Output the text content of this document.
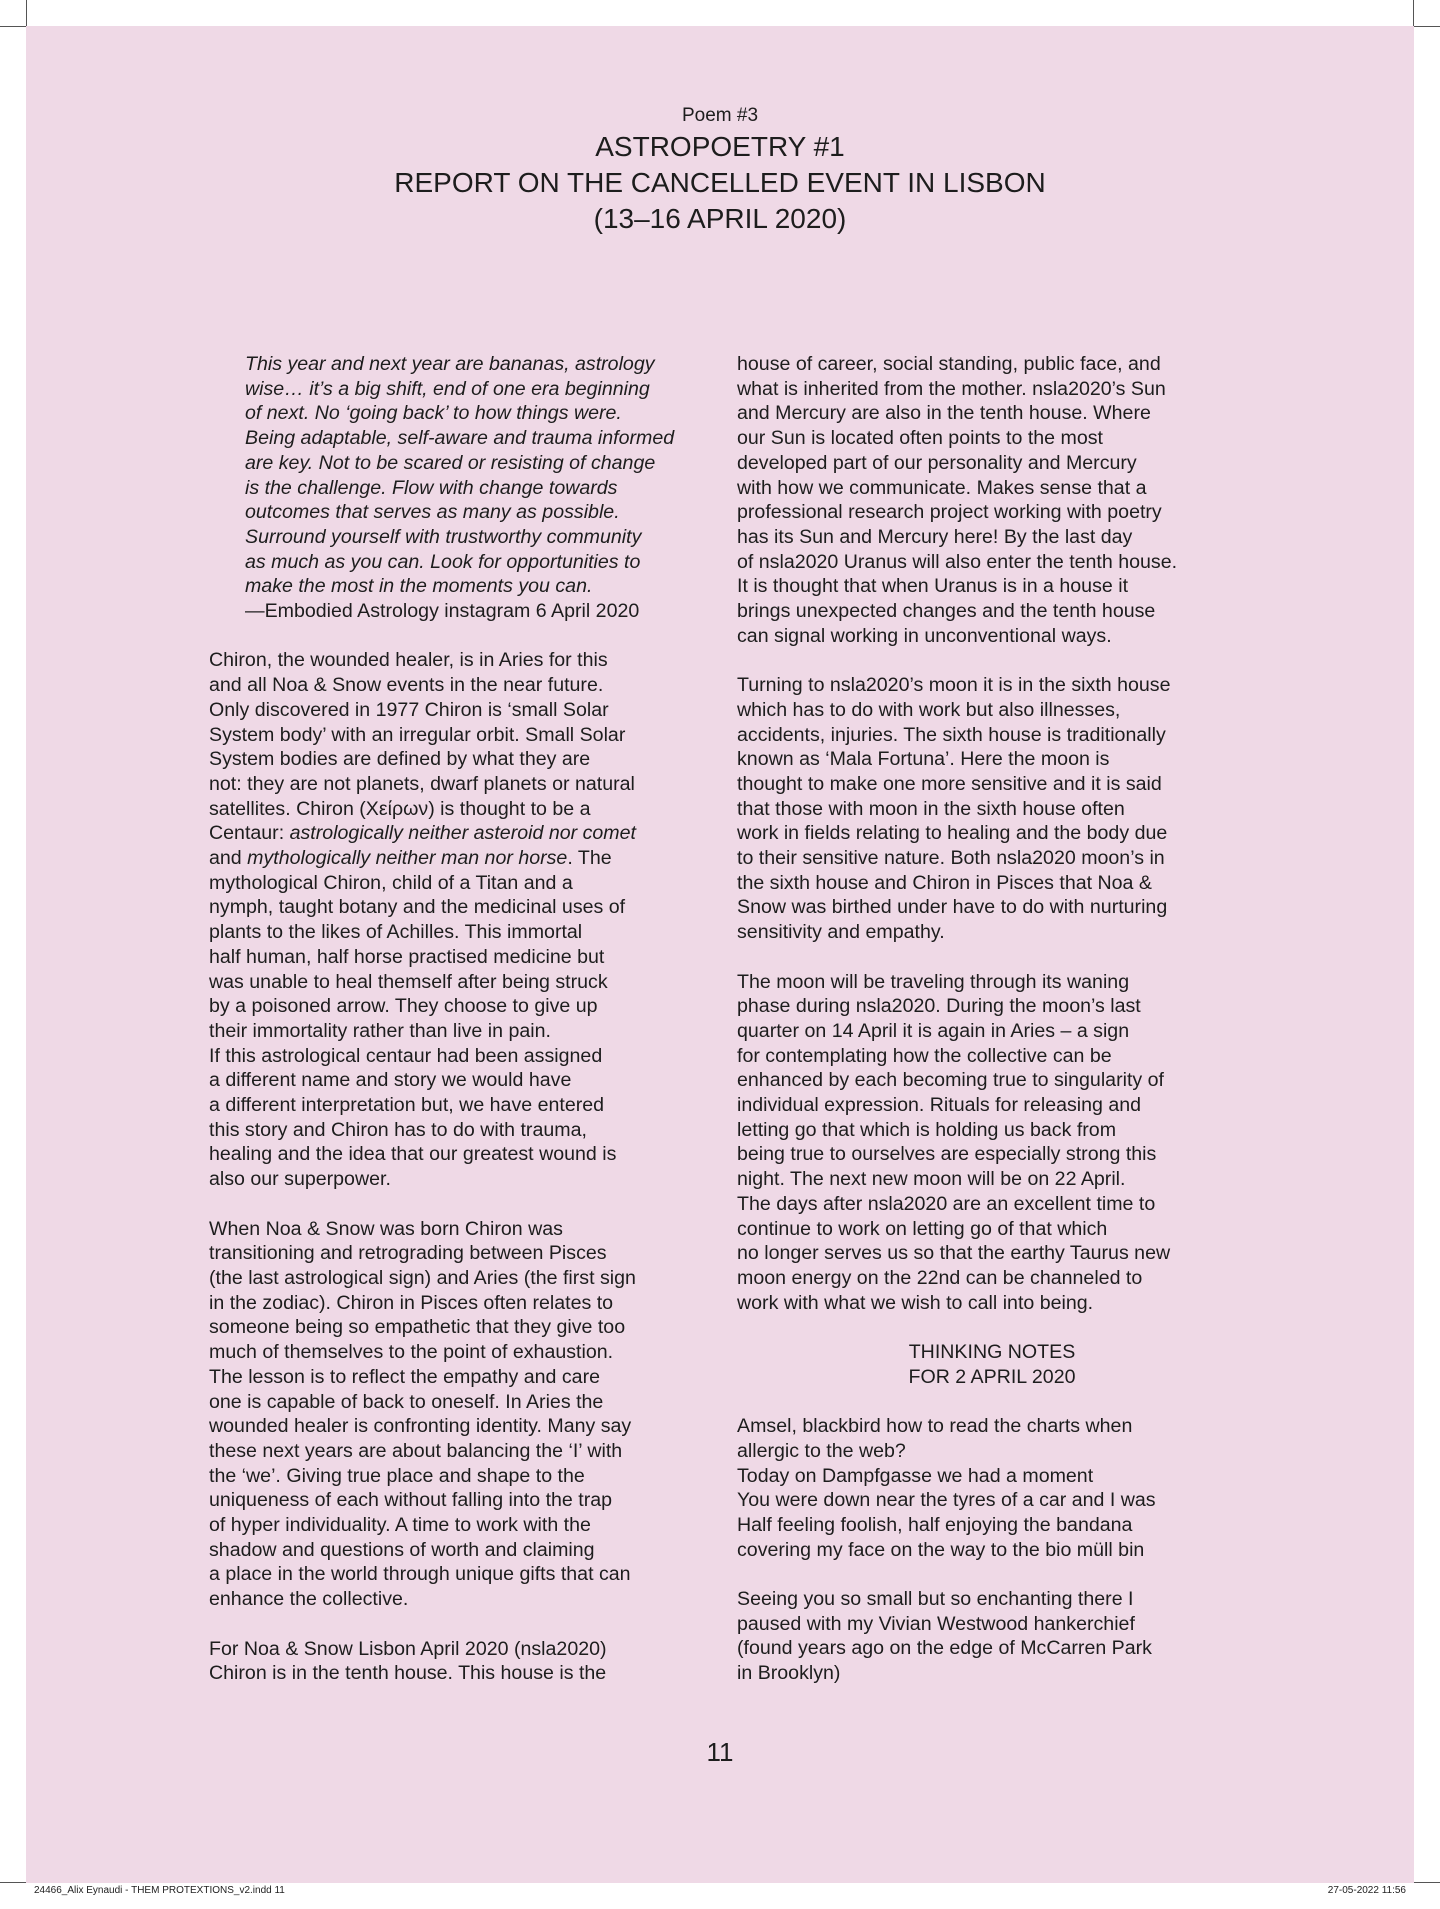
Poem #3
ASTROPOETRY #1
REPORT ON THE CANCELLED EVENT IN LISBON
(13–16 APRIL 2020)

This year and next year are bananas, astrology

wise… it’s a big shift, end of one era beginning

of next. No ‘going back’ to how things were.

Being adaptable, self-aware and trauma informed

are key. Not to be scared or resisting of change

is the challenge. Flow with change towards

outcomes that serves as many as possible.

Surround yourself with trustworthy community

as much as you can. Look for opportunities to

make the most in the moments you can.

—Embodied Astrology instagram 6 April 2020

Chiron, the wounded healer, is in Aries for this

and all Noa & Snow events in the near future.

Only discovered in 1977 Chiron is ‘small Solar

System body’ with an irregular orbit. Small Solar

System bodies are defined by what they are

not: they are not planets, dwarf planets or natural

satellites. Chiron (Χείρων) is thought to be a

Centaur: astrologically neither asteroid nor comet

and mythologically neither man nor horse. The

mythological Chiron, child of a Titan and a

nymph, taught botany and the medicinal uses of

plants to the likes of Achilles. This immortal

half human, half horse practised medicine but

was unable to heal themself after being struck

by a poisoned arrow. They choose to give up

their immortality rather than live in pain.

If this astrological centaur had been assigned

a different name and story we would have

a different interpretation but, we have entered

this story and Chiron has to do with trauma,

healing and the idea that our greatest wound is

also our superpower.

When Noa & Snow was born Chiron was

transitioning and retrograding between Pisces

(the last astrological sign) and Aries (the first sign

in the zodiac). Chiron in Pisces often relates to

someone being so empathetic that they give too

much of themselves to the point of exhaustion.

The lesson is to reflect the empathy and care

one is capable of back to oneself. In Aries the

wounded healer is confronting identity. Many say

these next years are about balancing the ‘I’ with

the ‘we’. Giving true place and shape to the

uniqueness of each without falling into the trap

of hyper individuality. A time to work with the

shadow and questions of worth and claiming

a place in the world through unique gifts that can

enhance the collective.

For Noa & Snow Lisbon April 2020 (nsla2020)

Chiron is in the tenth house. This house is the

house of career, social standing, public face, and

what is inherited from the mother. nsla2020’s Sun

and Mercury are also in the tenth house. Where

our Sun is located often points to the most

developed part of our personality and Mercury

with how we communicate. Makes sense that a

professional research project working with poetry

has its Sun and Mercury here! By the last day

of nsla2020 Uranus will also enter the tenth house.

It is thought that when Uranus is in a house it

brings unexpected changes and the tenth house

can signal working in unconventional ways.

Turning to nsla2020’s moon it is in the sixth house

which has to do with work but also illnesses,

accidents, injuries. The sixth house is traditionally

known as ‘Mala Fortuna’. Here the moon is

thought to make one more sensitive and it is said

that those with moon in the sixth house often

work in fields relating to healing and the body due

to their sensitive nature. Both nsla2020 moon’s in

the sixth house and Chiron in Pisces that Noa &

Snow was birthed under have to do with nurturing

sensitivity and empathy.

The moon will be traveling through its waning

phase during nsla2020. During the moon’s last

quarter on 14 April it is again in Aries – a sign

for contemplating how the collective can be

enhanced by each becoming true to singularity of

individual expression. Rituals for releasing and

letting go that which is holding us back from

being true to ourselves are especially strong this

night. The next new moon will be on 22 April.

The days after nsla2020 are an excellent time to

continue to work on letting go of that which

no longer serves us so that the earthy Taurus new

moon energy on the 22nd can be channeled to

work with what we wish to call into being.

THINKING NOTES

FOR 2 APRIL 2020

Amsel, blackbird how to read the charts when

allergic to the web?

Today on Dampfgasse we had a moment

You were down near the tyres of a car and I was

Half feeling foolish, half enjoying the bandana

covering my face on the way to the bio müll bin

Seeing you so small but so enchanting there I

paused with my Vivian Westwood hankerchief

(found years ago on the edge of McCarren Park

in Brooklyn)

11
24466_Alix Eynaudi - THEM PROTEXTIONS_v2.indd 11	27-05-2022 11:56
